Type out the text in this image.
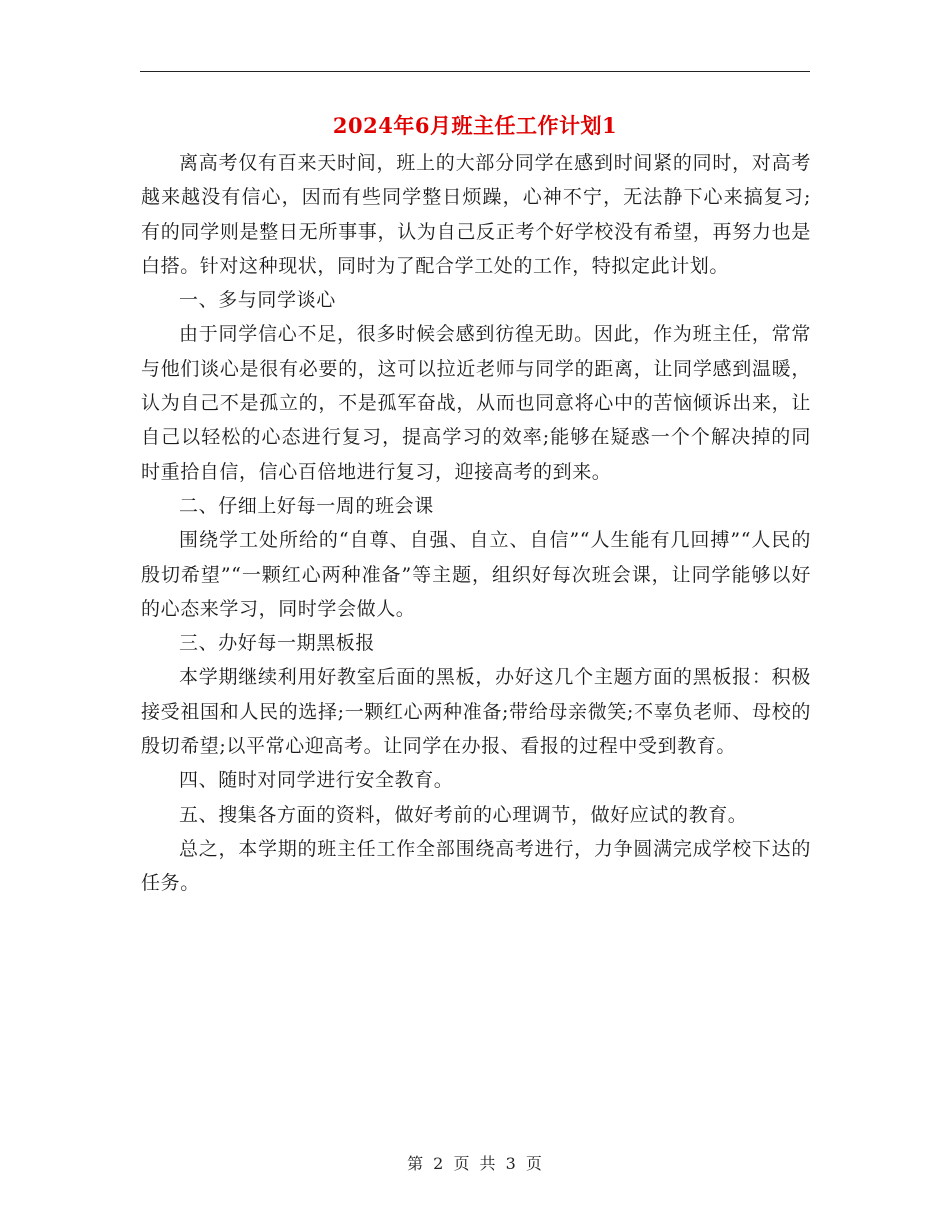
2024年6月班主任工作计划1

离高考仅有百来天时间，班上的大部分同学在感到时间紧的同时，对高考越来越没有信心，因而有些同学整日烦躁，心神不宁，无法静下心来搞复习;有的同学则是整日无所事事，认为自己反正考个好学校没有希望，再努力也是白搭。针对这种现状，同时为了配合学工处的工作，特拟定此计划。

一、多与同学谈心

由于同学信心不足，很多时候会感到彷徨无助。因此，作为班主任，常常与他们谈心是很有必要的，这可以拉近老师与同学的距离，让同学感到温暖，认为自己不是孤立的，不是孤军奋战，从而也同意将心中的苦恼倾诉出来，让自己以轻松的心态进行复习，提高学习的效率;能够在疑惑一个个解决掉的同时重拾自信，信心百倍地进行复习，迎接高考的到来。

二、仔细上好每一周的班会课

围绕学工处所给的“自尊、自强、自立、自信”“人生能有几回搏”“人民的殷切希望”“一颗红心两种准备”等主题，组织好每次班会课，让同学能够以好的心态来学习，同时学会做人。

三、办好每一期黑板报

本学期继续利用好教室后面的黑板，办好这几个主题方面的黑板报：积极接受祖国和人民的选择;一颗红心两种准备;带给母亲微笑;不辜负老师、母校的殷切希望;以平常心迎高考。让同学在办报、看报的过程中受到教育。

四、随时对同学进行安全教育。

五、搜集各方面的资料，做好考前的心理调节，做好应试的教育。

总之，本学期的班主任工作全部围绕高考进行，力争圆满完成学校下达的任务。

第 2 页 共 3 页
